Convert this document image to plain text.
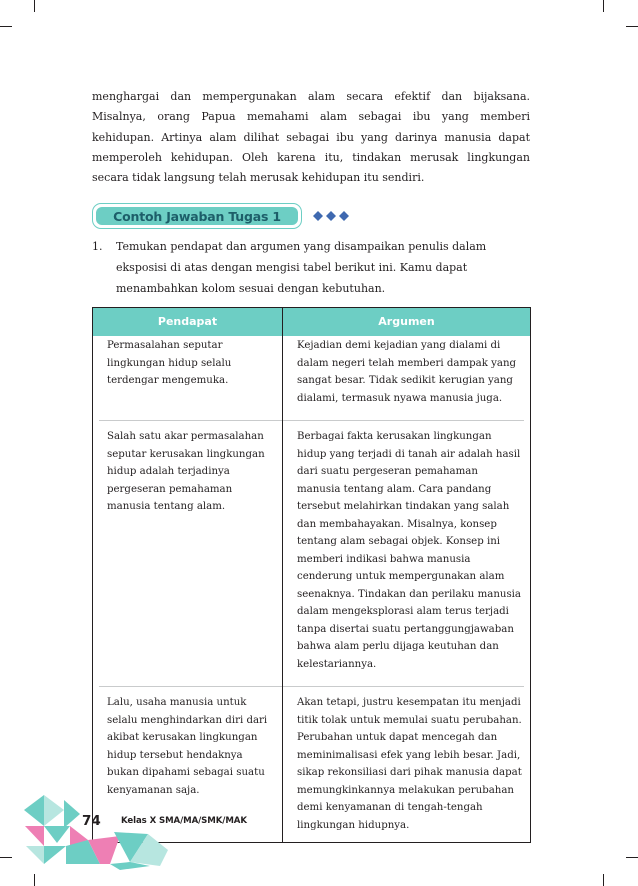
menghargai dan mempergunakan alam secara efektif dan bijaksana. Misalnya, orang Papua memahami alam sebagai ibu yang memberi kehidupan. Artinya alam dilihat sebagai ibu yang darinya manusia dapat memperoleh kehidupan. Oleh karena itu, tindakan merusak lingkungan secara tidak langsung telah merusak kehidupan itu sendiri.

Contoh Jawaban Tugas 1
1. Temukan pendapat dan argumen yang disampaikan penulis dalam eksposisi di atas dengan mengisi tabel berikut ini. Kamu dapat menambahkan kolom sesuai dengan kebutuhan.
Pendapat	Argumen
Permasalahan seputar lingkungan hidup selalu terdengar mengemuka.	Kejadian demi kejadian yang dialami di dalam negeri telah memberi dampak yang sangat besar. Tidak sedikit kerugian yang dialami, termasuk nyawa manusia juga.

Salah satu akar permasalahan seputar kerusakan lingkungan hidup adalah terjadinya pergeseran pemahaman manusia tentang alam.	Berbagai fakta kerusakan lingkungan hidup yang terjadi di tanah air adalah hasil dari suatu pergeseran pemahaman manusia tentang alam. Cara pandang tersebut melahirkan tindakan yang salah dan membahayakan. Misalnya, konsep tentang alam sebagai objek. Konsep ini memberi indikasi bahwa manusia cenderung untuk mempergunakan alam seenaknya. Tindakan dan perilaku manusia dalam mengeksplorasi alam terus terjadi tanpa disertai suatu pertanggungjawaban bahwa alam perlu dijaga keutuhan dan kelestariannya.

Lalu, usaha manusia untuk selalu menghindarkan diri dari akibat kerusakan lingkungan hidup tersebut hendaknya bukan dipahami sebagai suatu kenyamanan saja.	Akan tetapi, justru kesempatan itu menjadi titik tolak untuk memulai suatu perubahan. Perubahan untuk dapat mencegah dan meminimalisasi efek yang lebih besar. Jadi, sikap rekonsiliasi dari pihak manusia dapat memungkinkannya melakukan perubahan demi kenyamanan di tengah-tengah lingkungan hidupnya.
74 Kelas X SMA/MA/SMK/MAK
